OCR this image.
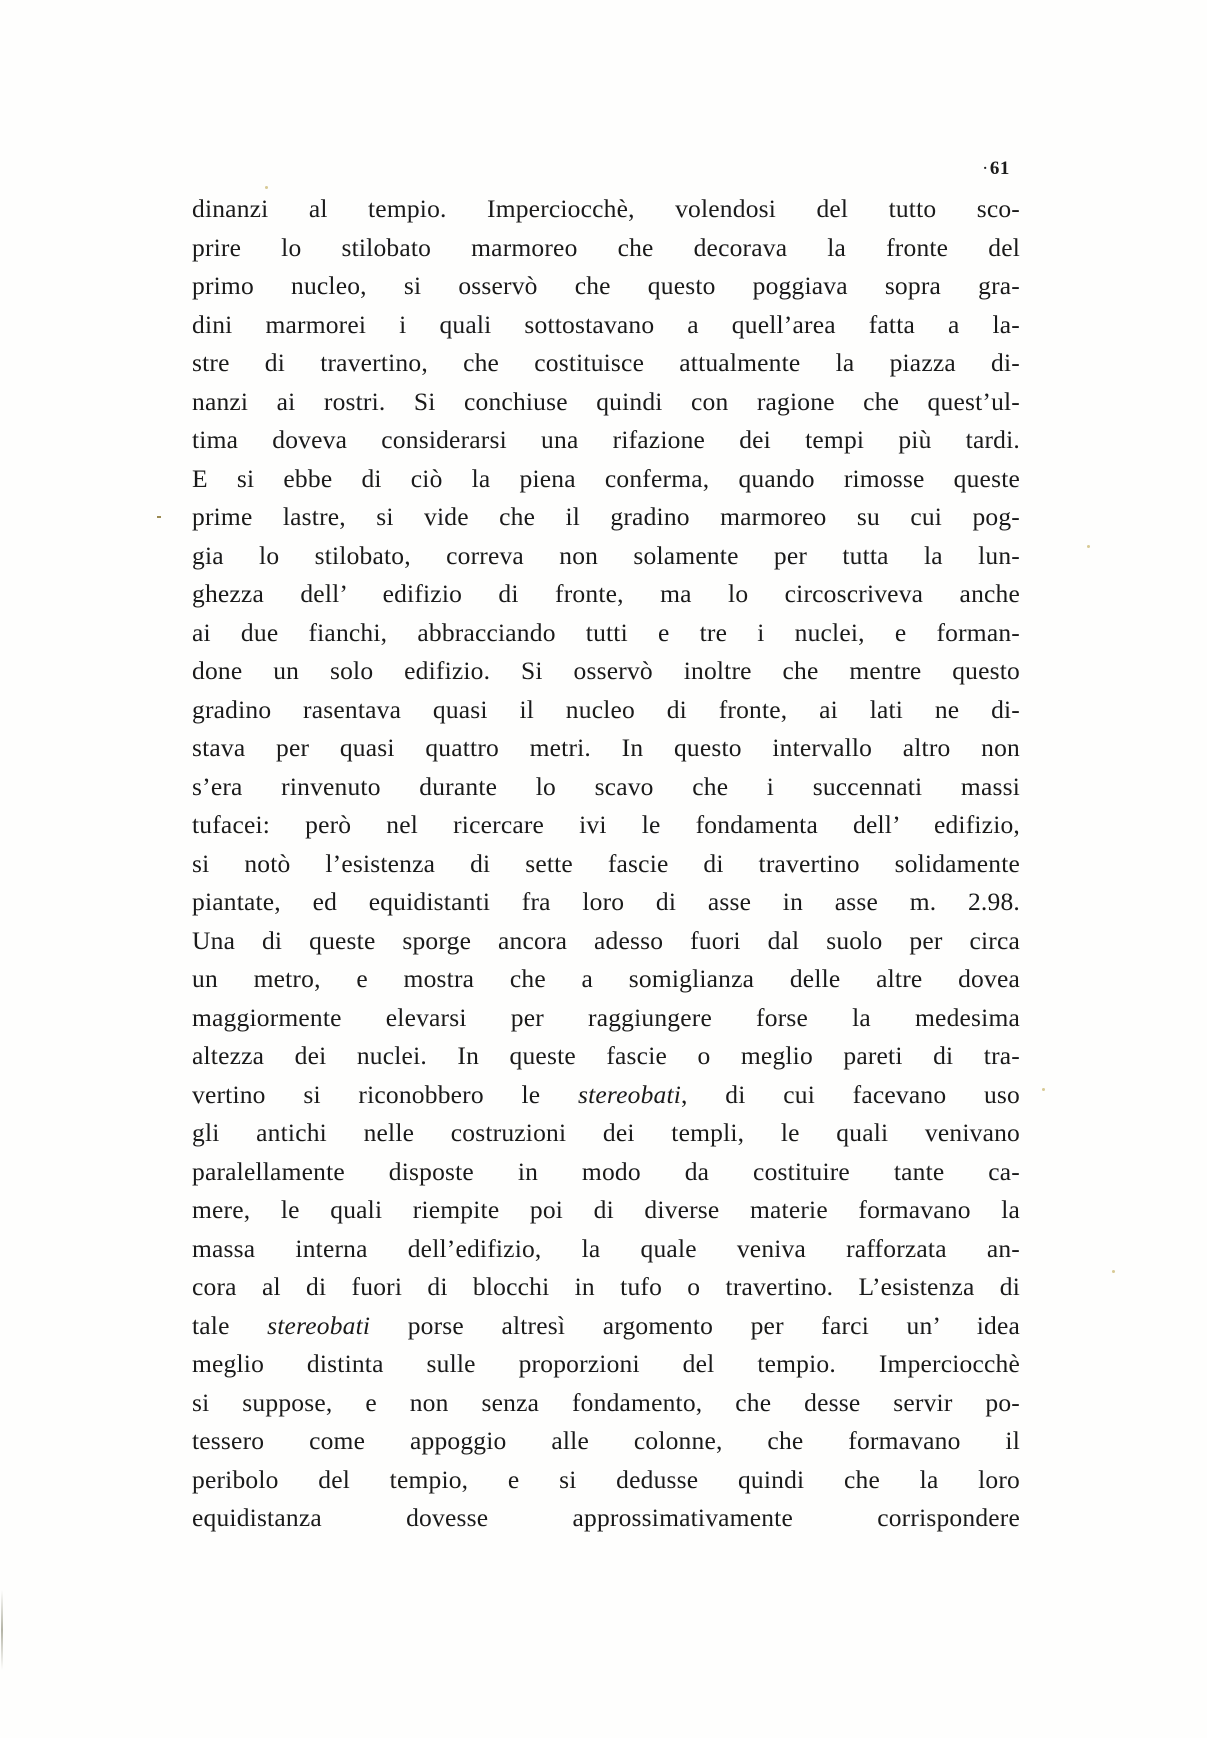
· 61
dinanzi al tempio. Imperciocchè, volendosi del tutto sco-
prire lo stilobato marmoreo che decorava la fronte del
primo nucleo, si osservò che questo poggiava sopra gra-
dini marmorei i quali sottostavano a quell’area fatta a la-
stre di travertino, che costituisce attualmente la piazza di-
nanzi ai rostri. Si conchiuse quindi con ragione che quest’ul-
tima doveva considerarsi una rifazione dei tempi più tardi.
E si ebbe di ciò la piena conferma, quando rimosse queste
prime lastre, si vide che il gradino marmoreo su cui pog-
gia lo stilobato, correva non solamente per tutta la lun-
ghezza dell’ edifizio di fronte, ma lo circoscriveva anche
ai due fianchi, abbracciando tutti e tre i nuclei, e forman-
done un solo edifizio. Si osservò inoltre che mentre questo
gradino rasentava quasi il nucleo di fronte, ai lati ne di-
stava per quasi quattro metri. In questo intervallo altro non
s’era rinvenuto durante lo scavo che i succennati massi
tufacei: però nel ricercare ivi le fondamenta dell’ edifizio,
si notò l’esistenza di sette fascie di travertino solidamente
piantate, ed equidistanti fra loro di asse in asse m. 2.98.
Una di queste sporge ancora adesso fuori dal suolo per circa
un metro, e mostra che a somiglianza delle altre dovea
maggiormente elevarsi per raggiungere forse la medesima
altezza dei nuclei. In queste fascie o meglio pareti di tra-
vertino si riconobbero le stereobati, di cui facevano uso
gli antichi nelle costruzioni dei templi, le quali venivano
paralellamente disposte in modo da costituire tante ca-
mere, le quali riempite poi di diverse materie formavano la
massa interna dell’edifizio, la quale veniva rafforzata an-
cora al di fuori di blocchi in tufo o travertino. L’esistenza di
tale stereobati porse altresì argomento per farci un’ idea
meglio distinta sulle proporzioni del tempio. Imperciocchè
si suppose, e non senza fondamento, che desse servir po-
tessero come appoggio alle colonne, che formavano il
peribolo del tempio, e si dedusse quindi che la loro
equidistanza dovesse approssimativamente corrispondere
